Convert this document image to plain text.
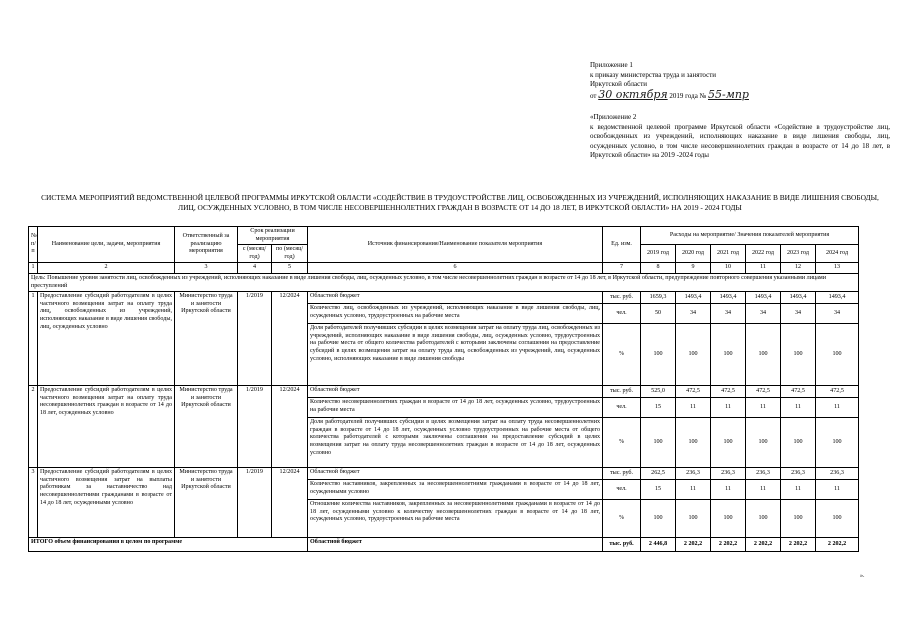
Приложение 1
к приказу министерства труда и занятости
Иркутской области
от 30 октября 2019 года № 55-мпр
«Приложение 2
к ведомственной целевой программе Иркутской области «Содействие в трудоустройстве лиц, освобожденных из учреждений, исполняющих наказание в виде лишения свободы, лиц, осужденных условно, в том числе несовершеннолетних граждан в возрасте от 14 до 18 лет, в Иркутской области» на 2019 -2024 годы
СИСТЕМА МЕРОПРИЯТИЙ ВЕДОМСТВЕННОЙ ЦЕЛЕВОЙ ПРОГРАММЫ ИРКУТСКОЙ ОБЛАСТИ «СОДЕЙСТВИЕ В ТРУДОУСТРОЙСТВЕ ЛИЦ, ОСВОБОЖДЕННЫХ ИЗ УЧРЕЖДЕНИЙ, ИСПОЛНЯЮЩИХ НАКАЗАНИЕ В ВИДЕ ЛИШЕНИЯ СВОБОДЫ, ЛИЦ, ОСУЖДЕННЫХ УСЛОВНО, В ТОМ ЧИСЛЕ НЕСОВЕРШЕННОЛЕТНИХ ГРАЖДАН В ВОЗРАСТЕ ОТ 14 ДО 18 ЛЕТ, В ИРКУТСКОЙ ОБЛАСТИ» НА 2019 - 2024 ГОДЫ
№ п/п	Наименование цели, задачи, мероприятия	Ответственный за реализацию мероприятия	Срок реализации мероприятия		Источник финансирования/Наименование показателя мероприятия	Ед. изм.	Расходы на мероприятие/ Значения показателей мероприятия					
			с (месяц/ год)	по (месяц/ год)			2019 год	2020 год	2021 год	2022 год	2023 год	2024 год
1	2	3	4	5	6	7	8	9	10	11	12	13
Цель: Повышение уровня занятости лиц, освобожденных из учреждений, исполняющих наказание в виде лишения свободы, лиц, осужденных условно, в том числе несовершеннолетних граждан в возрасте от 14 до 18 лет, в Иркутской области, предупреждение повторного совершения указанными лицами преступлений												
1	Предоставление субсидий работодателям в целях частичного возмещения затрат на оплату труда лиц, освобожденных из учреждений, исполняющих наказание в виде лишения свободы, лиц, осужденных условно	Министерство труда и занятости Иркутской области	1/2019	12/2024	Областной бюджет	тыс. руб.	1659,3	1493,4	1493,4	1493,4	1493,4	1493,4
					Количество лиц, освобожденных из учреждений, исполняющих наказание в виде лишения свободы, лиц, осужденных условно, трудоустроенных на рабочие места	чел.	50	34	34	34	34	34
					Доля работодателей получивших субсидии в целях возмещения затрат на оплату труда лиц, освобожденных из учреждений, исполняющих наказание в виде лишения свободы, лиц, осужденных условно, трудоустроенных на рабочие места от общего количества работодателей с которыми заключены соглашения на предоставление субсидий в целях возмещения затрат на оплату труда лиц, освобожденных из учреждений, лиц, осужденных условно, исполняющих наказание в виде лишения свободы	%	100	100	100	100	100	100
2	Предоставление субсидий работодателям в целях частичного возмещения затрат на оплату труда несовершеннолетних граждан в возрасте от 14 до 18 лет, осужденных условно	Министерство труда и занятости Иркутской области	1/2019	12/2024	Областной бюджет	тыс. руб.	525,0	472,5	472,5	472,5	472,5	472,5
					Количество несовершеннолетних граждан в возрасте от 14 до 18 лет, осужденных условно, трудоустроенных на рабочие места	чел.	15	11	11	11	11	11
					Доля работодателей получивших субсидии в целях возмещения затрат на оплату труда несовершеннолетних граждан в возрасте от 14 до 18 лет, осужденных условно трудоустроенных на рабочие места от общего количества работодателей с которыми заключены соглашения на предоставление субсидий в целях возмещения затрат на оплату труда несовершеннолетних граждан в возрасте от 14 до 18 лет, осужденных условно	%	100	100	100	100	100	100
3	Предоставление субсидий работодателям в целях частичного возмещения затрат на выплаты работникам за наставничество над несовершеннолетними гражданами в возрасте от 14 до 18 лет, осужденными условно	Министерство труда и занятости Иркутской области	1/2019	12/2024	Областной бюджет	тыс. руб.	262,5	236,3	236,3	236,3	236,3	236,3
					Количество наставников, закрепленных за несовершеннолетними гражданами в возрасте от 14 до 18 лет, осужденными условно	чел.	15	11	11	11	11	11
					Отношение количества наставников, закрепленных за несовершеннолетними гражданами в возрасте от 14 до 18 лет, осужденными условно к количеству несовершеннолетних граждан в возрасте от 14 до 18 лет, осужденных условно, трудоустроенных на рабочие места	%	100	100	100	100	100	100
ИТОГО объем финансирования в целом по программе					Областной бюджет	тыс. руб.	2 446,8	2 202,2	2 202,2	2 202,2	2 202,2	2 202,2
».
